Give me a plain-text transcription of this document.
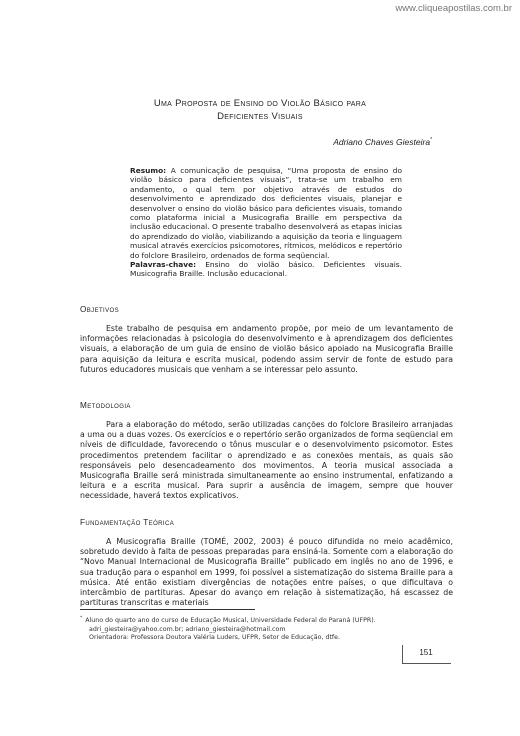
www.cliqueapostilas.com.br
Uma Proposta de Ensino do Violão Básico para
Deficientes Visuais
Adriano Chaves Giesteira*

Resumo: A comunicação de pesquisa, “Uma proposta de ensino do violão básico para deficientes visuais”, trata-se um trabalho em andamento, o qual tem por objetivo através de estudos do desenvolvimento e aprendizado dos deficientes visuais, planejar e desenvolver o ensino do violão básico para deficientes visuais, tomando como plataforma inicial a Musicografia Braille em perspectiva da inclusão educacional. O presente trabalho desenvolverá as etapas inicias do aprendizado do violão, viabilizando a aquisição da teoria e linguagem musical através exercícios psicomotores, rítmicos, melódicos e repertório do folclore Brasileiro, ordenados de forma seqüencial.

Palavras-chave: Ensino do violão básico. Deficientes visuais. Musicografia Braille. Inclusão educacional.

Objetivos

Este trabalho de pesquisa em andamento propõe, por meio de um levantamento de informações relacionadas à psicologia do desenvolvimento e à aprendizagem dos deficientes visuais, a elaboração de um guia de ensino de violão básico apoiado na Musicografia Braille para aquisição da leitura e escrita musical, podendo assim servir de fonte de estudo para futuros educadores musicais que venham a se interessar pelo assunto.

Metodologia

Para a elaboração do método, serão utilizadas canções do folclore Brasileiro arranjadas a uma ou a duas vozes. Os exercícios e o repertório serão organizados de forma seqüencial em níveis de dificuldade, favorecendo o tônus muscular e o desenvolvimento psicomotor. Estes procedimentos pretendem facilitar o aprendizado e as conexões mentais, as quais são responsáveis pelo desencadeamento dos movimentos. A teoria musical associada a Musicografia Braille será ministrada simultaneamente ao ensino instrumental, enfatizando a leitura e a escrita musical. Para suprir a ausência de imagem, sempre que houver necessidade, haverá textos explicativos.

Fundamentação Teórica

A Musicografia Braille (TOMÉ, 2002, 2003) é pouco difundida no meio acadêmico, sobretudo devido à falta de pessoas preparadas para ensiná-la. Somente com a elaboração do “Novo Manual Internacional de Musicografia Braille” publicado em inglês no ano de 1996, e sua tradução para o espanhol em 1999, foi possível a sistematização do sistema Braille para a música. Até então existiam divergências de notações entre países, o que dificultava o intercâmbio de partituras. Apesar do avanço em relação à sistematização, há escassez de partituras transcritas e materiais

* Aluno do quarto ano do curso de Educação Musical, Universidade Federal do Paraná (UFPR).
adri_giesteira@yahoo.com.br; adriano_giesteira@hotmail.com
Orientadora: Professora Doutora Valéria Luders, UFPR, Setor de Educação, dtfe.
151
